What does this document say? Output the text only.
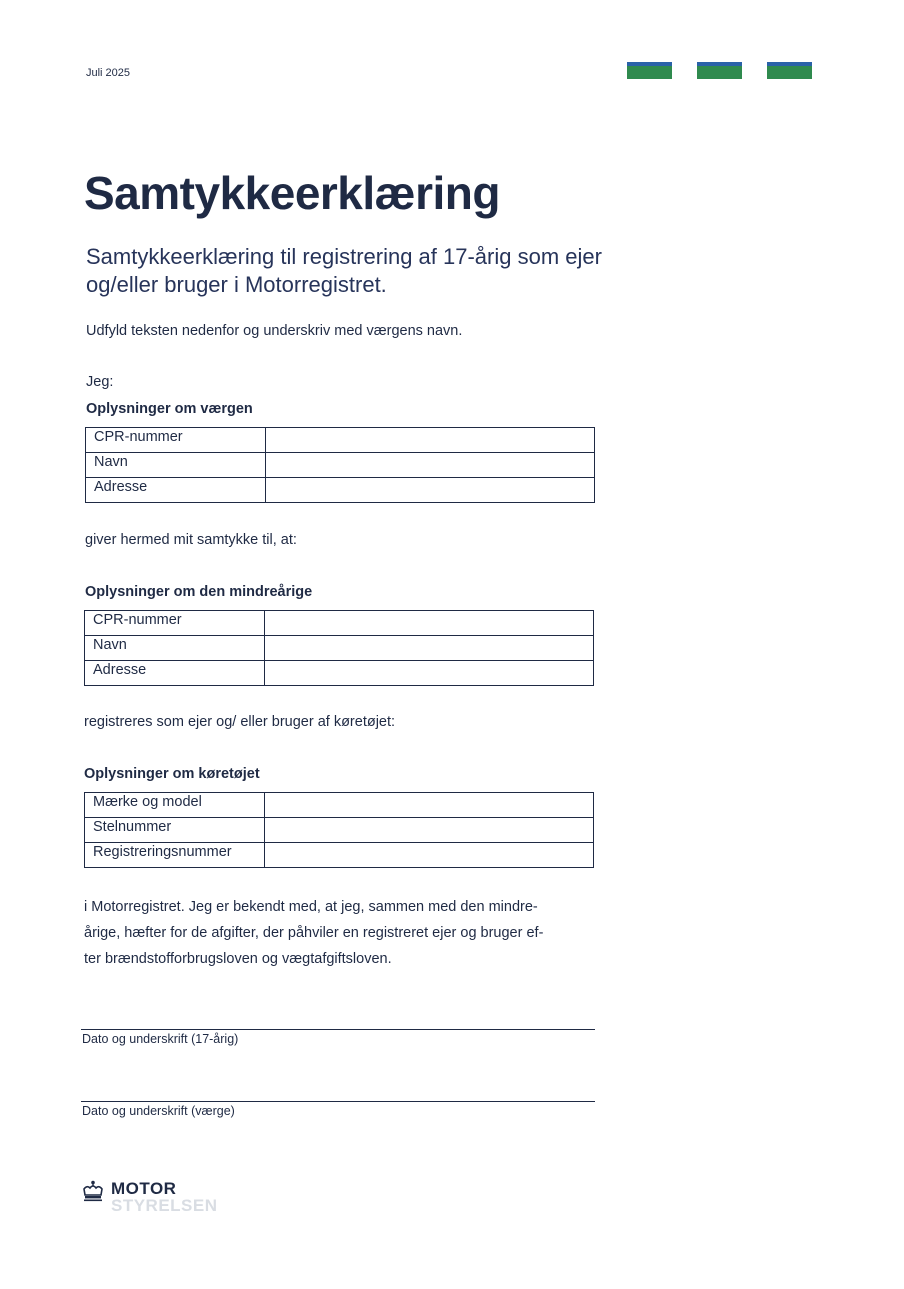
Juli 2025
Samtykkeerklæring
Samtykkeerklæring til registrering af 17-årig som ejer og/eller bruger i Motorregistret.
Udfyld teksten nedenfor og underskriv med værgens navn.
Jeg:
Oplysninger om værgen
CPR-nummer	
Navn	
Adresse	
giver hermed mit samtykke til, at:
Oplysninger om den mindreårige
CPR-nummer	
Navn	
Adresse	
registreres som ejer og/ eller bruger af køretøjet:
Oplysninger om køretøjet
Mærke og model	
Stelnummer	
Registreringsnummer	
i Motorregistret. Jeg er bekendt med, at jeg, sammen med den mindre-
årige, hæfter for de afgifter, der påhviler en registreret ejer og bruger ef-
ter brændstofforbrugsloven og vægtafgiftsloven.
Dato og underskrift (17-årig)
Dato og underskrift (værge)
MOTOR
STYRELSEN
